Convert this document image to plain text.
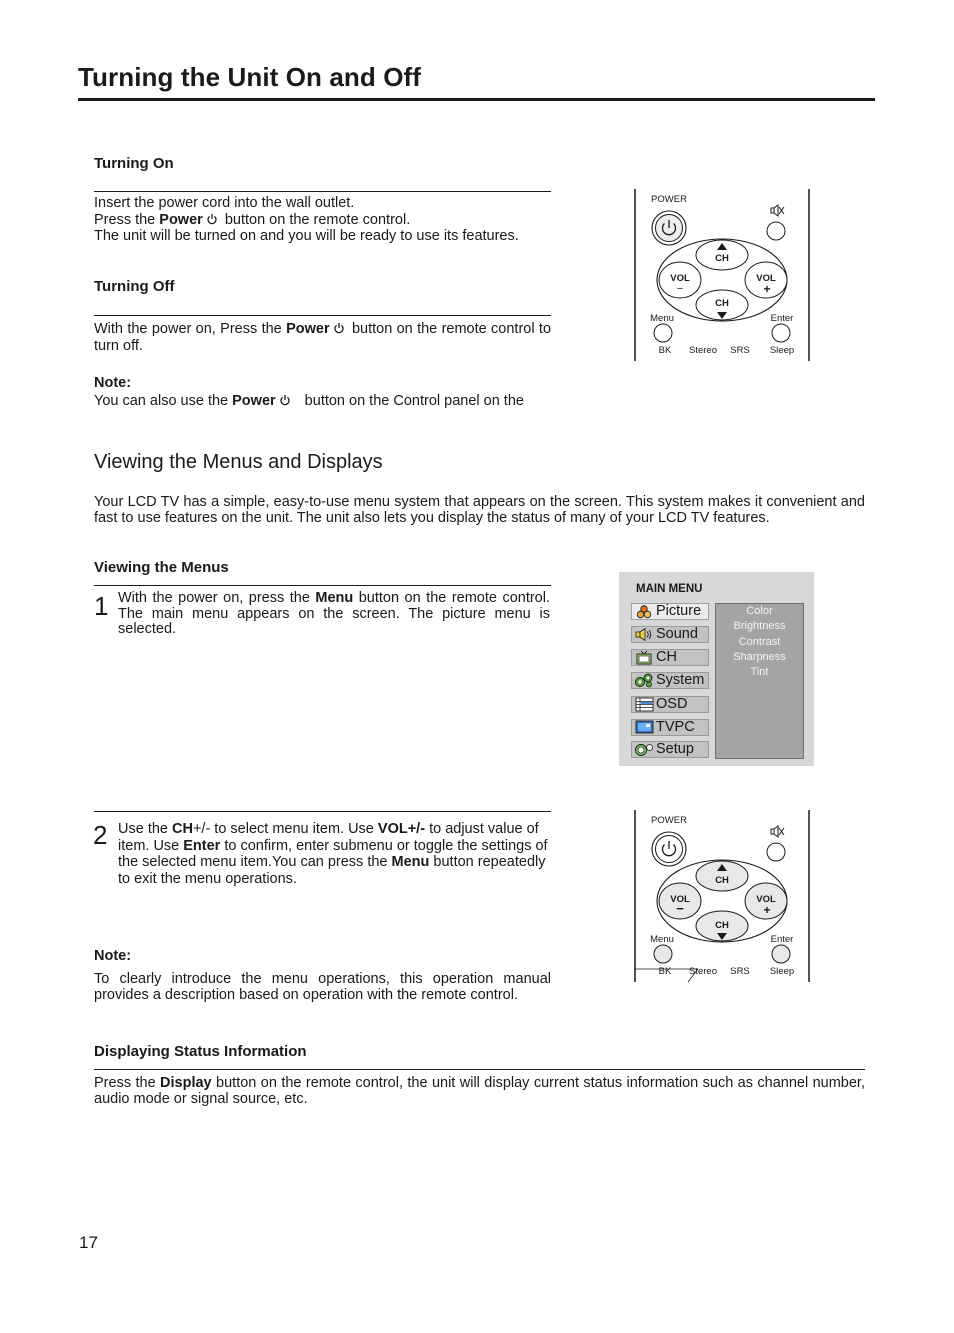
Turning the Unit On and Off
Turning On
Insert the power cord into the wall outlet.
Press the Power button on the remote control.
The unit will be turned on and you will be ready to use its features.
Turning Off

With the power on, Press the Power button on the remote control to turn off.

Note:

You can also use the Power button on the Control panel on the

POWER
CH
CH
VOL
−
VOL
+
Menu	Enter
BK Stereo SRS Sleep
Viewing the Menus and Displays

Your LCD TV has a simple, easy-to-use menu system that appears on the screen. This system makes it convenient and fast to use features on the unit. The unit also lets you display the status of many of your LCD TV features.

Viewing the Menus
1 With the power on, press the Menu button on the remote control. The main menu appears on the screen. The picture menu is selected.

MAIN MENU
Picture
Sound
CH
System
OSD
TVPC
Setup
Color
Brightness
Contrast
Sharpness
Tint
2 Use the CH+/- to select menu item. Use VOL+/- to adjust value of item. Use Enter to confirm, enter submenu or toggle the settings of the selected menu item.You can press the Menu button repeatedly to exit the menu operations.

POWER
CH
CH
VOL
−
VOL
+
Menu	Enter
BK Stereo SRS Sleep
Note:

To clearly introduce the menu operations, this operation manual provides a description based on operation with the remote control.

Displaying Status Information

Press the Display button on the remote control, the unit will display current status information such as channel number, audio mode or signal source, etc.

17
